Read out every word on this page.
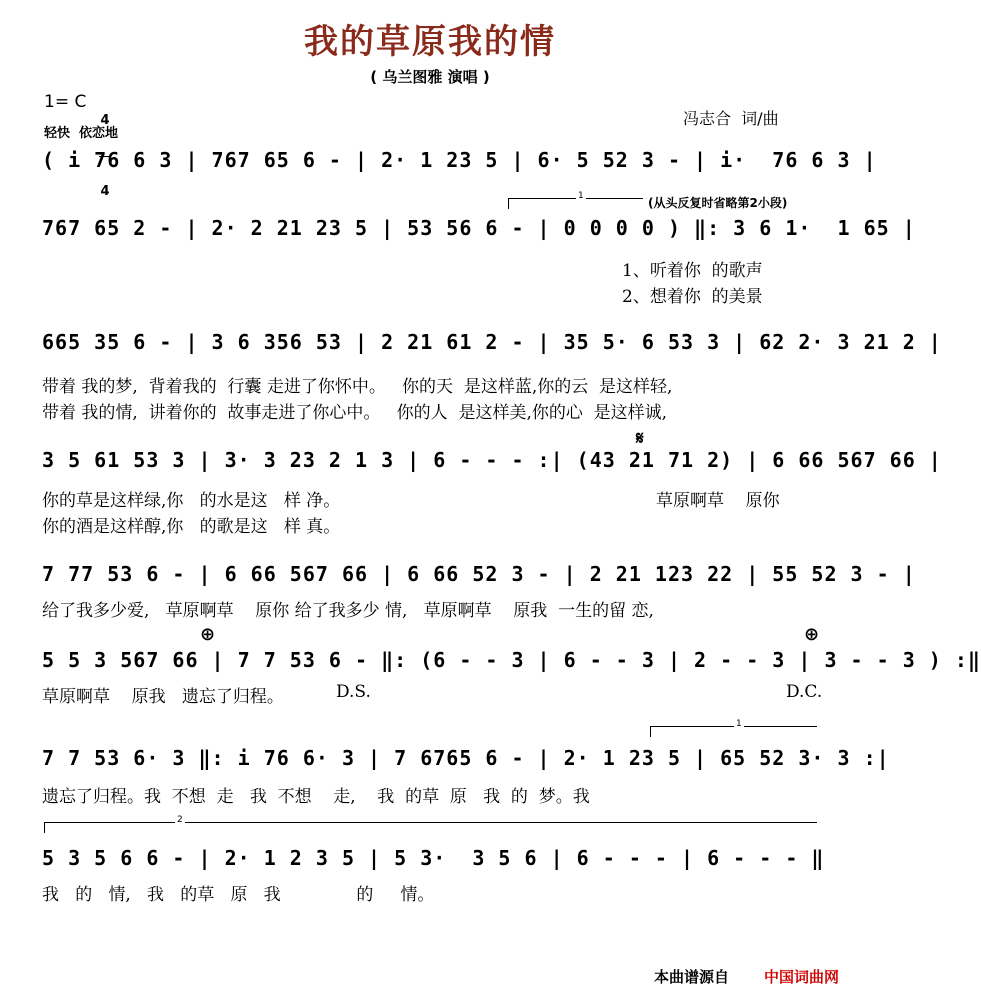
我的草原我的情
( 乌兰图雅 演唱 )
1= C

4

4

轻快  依恋地
冯志合  词/曲

( i 76 6 3 | 767 65 6 - | 2· 1 23 5 | 6· 5 52 3 - | i·  76 6 3 |

1	(从头反复时省略第2小段)

767 65 2 - | 2· 2 21 23 5 | 53 56 6 - | 0 0 0 0 ) ‖: 3 6 1·  1 65 |

1、听着你  的歌声
2、想着你  的美景

665 35 6 - | 3 6 356 53 | 2 21 61 2 - | 35 5· 6 53 3 | 62 2· 3 21 2 |

带着 我的梦,  背着我的  行囊 走进了你怀中。   你的天  是这样蓝,你的云  是这样轻,
带着 我的情,  讲着你的  故事走进了你心中。   你的人  是这样美,你的心  是这样诚,
𝄋

3 5 61 53 3 | 3· 3 23 2 1 3 | 6 - - - :| (43 21 71 2) | 6 66 567 66 |

你的草是这样绿,你   的水是这   样 净。	草原啊草    原你
你的酒是这样醇,你   的歌是这   样 真。

7 77 53 6 - | 6 66 567 66 | 6 66 52 3 - | 2 21 123 22 | 55 52 3 - |

给了我多少爱,   草原啊草    原你 给了我多少 情,   草原啊草    原我  一生的留 恋,
⊕	⊕

5 5 3 567 66 | 7 7 53 6 - ‖: (6 - - 3 | 6 - - 3 | 2 - - 3 | 3 - - 3 ) :‖

草原啊草    原我   遗忘了归程。	D.S.	D.C.
1

7 7 53 6· 3 ‖: i 76 6· 3 | 7 6765 6 - | 2· 1 23 5 | 65 52 3· 3 :|

遗忘了归程。我  不想  走   我  不想    走,    我  的草  原   我  的  梦。我
2

5 3 5 6 6 - | 2· 1 2 3 5 | 5 3·  3 5 6 | 6 - - - | 6 - - - ‖

我   的   情,   我   的草   原   我              的     情。
本曲谱源自 中国词曲网
